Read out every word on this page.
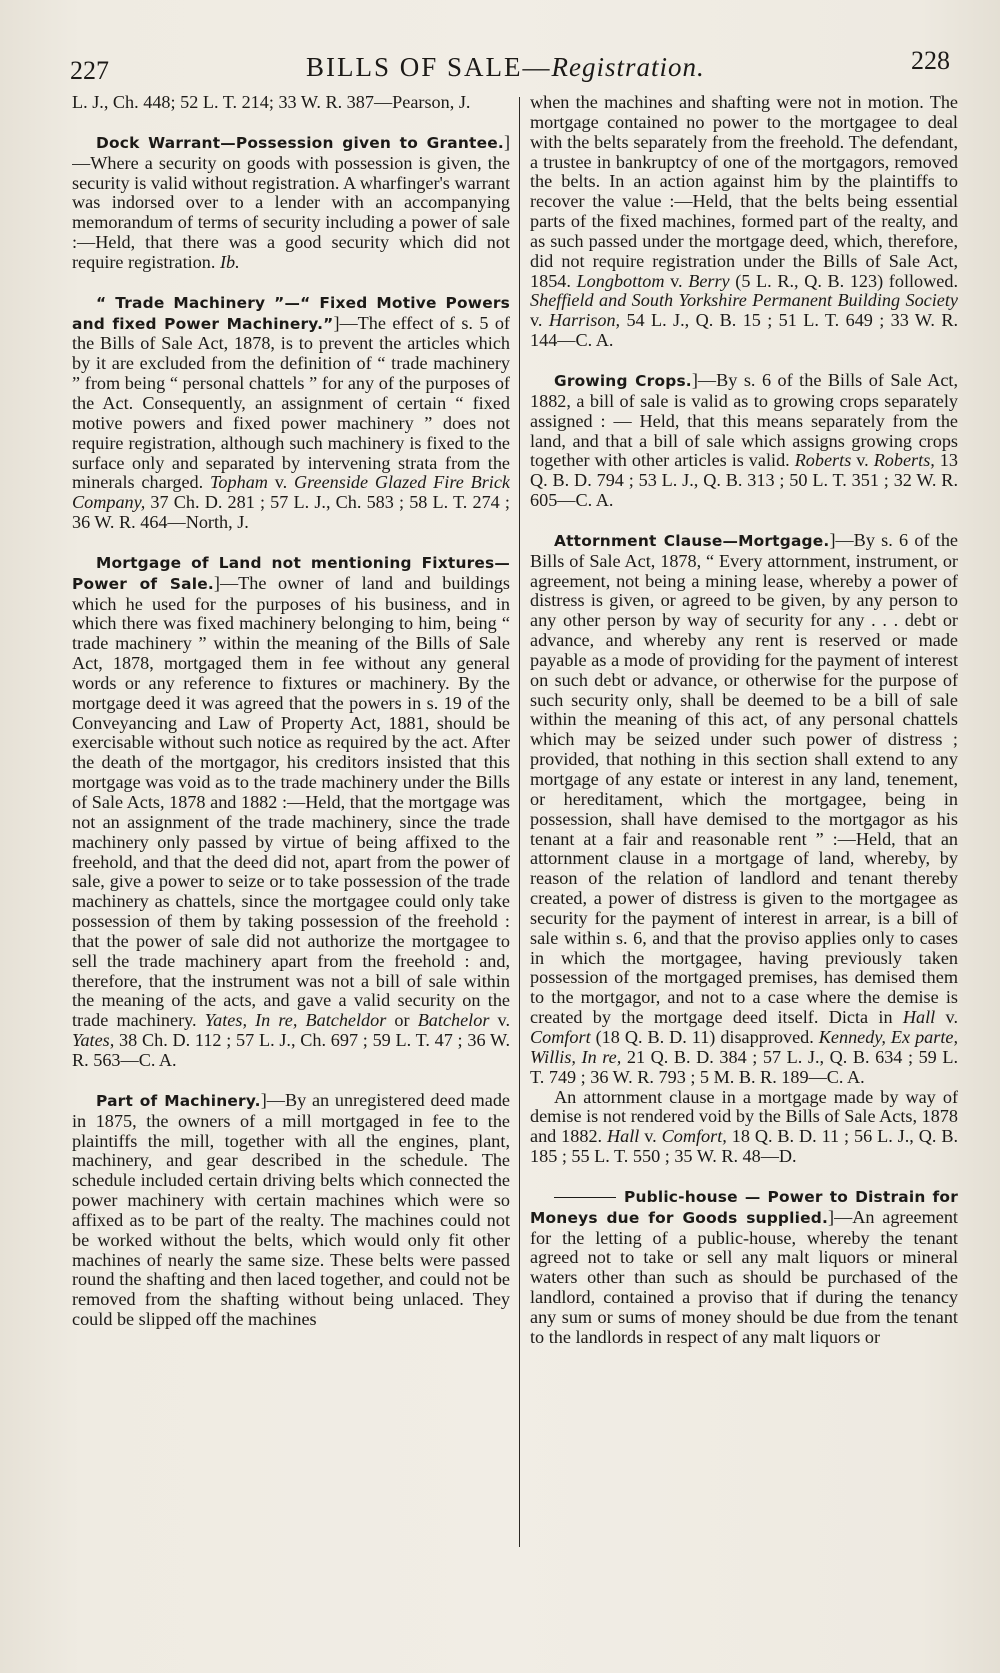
227	BILLS OF SALE—Registration.	228

L. J., Ch. 448; 52 L. T. 214; 33 W. R. 387—Pearson, J.

Dock Warrant—Possession given to Grantee.]—Where a security on goods with possession is given, the security is valid without registration. A wharfinger's warrant was indorsed over to a lender with an accompanying memorandum of terms of security including a power of sale :—Held, that there was a good security which did not require registration. Ib.

“ Trade Machinery ”—“ Fixed Motive Powers and fixed Power Machinery.”]—The effect of s. 5 of the Bills of Sale Act, 1878, is to prevent the articles which by it are excluded from the definition of “ trade machinery ” from being “ personal chattels ” for any of the purposes of the Act. Consequently, an assignment of certain “ fixed motive powers and fixed power machinery ” does not require registration, although such machinery is fixed to the surface only and separated by intervening strata from the minerals charged. Topham v. Greenside Glazed Fire Brick Company, 37 Ch. D. 281 ; 57 L. J., Ch. 583 ; 58 L. T. 274 ; 36 W. R. 464—North, J.

Mortgage of Land not mentioning Fixtures—Power of Sale.]—The owner of land and buildings which he used for the purposes of his business, and in which there was fixed machinery belonging to him, being “ trade machinery ” within the meaning of the Bills of Sale Act, 1878, mortgaged them in fee without any general words or any reference to fixtures or machinery. By the mortgage deed it was agreed that the powers in s. 19 of the Conveyancing and Law of Property Act, 1881, should be exercisable without such notice as required by the act. After the death of the mortgagor, his creditors insisted that this mortgage was void as to the trade machinery under the Bills of Sale Acts, 1878 and 1882 :—Held, that the mortgage was not an assignment of the trade machinery, since the trade machinery only passed by virtue of being affixed to the freehold, and that the deed did not, apart from the power of sale, give a power to seize or to take possession of the trade machinery as chattels, since the mortgagee could only take possession of them by taking possession of the freehold : that the power of sale did not authorize the mortgagee to sell the trade machinery apart from the freehold : and, therefore, that the instrument was not a bill of sale within the meaning of the acts, and gave a valid security on the trade machinery. Yates, In re, Batcheldor or Batchelor v. Yates, 38 Ch. D. 112 ; 57 L. J., Ch. 697 ; 59 L. T. 47 ; 36 W. R. 563—C. A.

Part of Machinery.]—By an unregistered deed made in 1875, the owners of a mill mortgaged in fee to the plaintiffs the mill, together with all the engines, plant, machinery, and gear described in the schedule. The schedule included certain driving belts which connected the power machinery with certain machines which were so affixed as to be part of the realty. The machines could not be worked without the belts, which would only fit other machines of nearly the same size. These belts were passed round the shafting and then laced together, and could not be removed from the shafting without being unlaced. They could be slipped off the machines

when the machines and shafting were not in motion. The mortgage contained no power to the mortgagee to deal with the belts separately from the freehold. The defendant, a trustee in bankruptcy of one of the mortgagors, removed the belts. In an action against him by the plaintiffs to recover the value :—Held, that the belts being essential parts of the fixed machines, formed part of the realty, and as such passed under the mortgage deed, which, therefore, did not require registration under the Bills of Sale Act, 1854. Longbottom v. Berry (5 L. R., Q. B. 123) followed. Sheffield and South Yorkshire Permanent Building Society v. Harrison, 54 L. J., Q. B. 15 ; 51 L. T. 649 ; 33 W. R. 144—C. A.

Growing Crops.]—By s. 6 of the Bills of Sale Act, 1882, a bill of sale is valid as to growing crops separately assigned : — Held, that this means separately from the land, and that a bill of sale which assigns growing crops together with other articles is valid. Roberts v. Roberts, 13 Q. B. D. 794 ; 53 L. J., Q. B. 313 ; 50 L. T. 351 ; 32 W. R. 605—C. A.

Attornment Clause—Mortgage.]—By s. 6 of the Bills of Sale Act, 1878, “ Every attornment, instrument, or agreement, not being a mining lease, whereby a power of distress is given, or agreed to be given, by any person to any other person by way of security for any . . . debt or advance, and whereby any rent is reserved or made payable as a mode of providing for the payment of interest on such debt or advance, or otherwise for the purpose of such security only, shall be deemed to be a bill of sale within the meaning of this act, of any personal chattels which may be seized under such power of distress ; provided, that nothing in this section shall extend to any mortgage of any estate or interest in any land, tenement, or hereditament, which the mortgagee, being in possession, shall have demised to the mortgagor as his tenant at a fair and reasonable rent ” :—Held, that an attornment clause in a mortgage of land, whereby, by reason of the relation of landlord and tenant thereby created, a power of distress is given to the mortgagee as security for the payment of interest in arrear, is a bill of sale within s. 6, and that the proviso applies only to cases in which the mortgagee, having previously taken possession of the mortgaged premises, has demised them to the mortgagor, and not to a case where the demise is created by the mortgage deed itself. Dicta in Hall v. Comfort (18 Q. B. D. 11) disapproved. Kennedy, Ex parte, Willis, In re, 21 Q. B. D. 384 ; 57 L. J., Q. B. 634 ; 59 L. T. 749 ; 36 W. R. 793 ; 5 M. B. R. 189—C. A.

An attornment clause in a mortgage made by way of demise is not rendered void by the Bills of Sale Acts, 1878 and 1882. Hall v. Comfort, 18 Q. B. D. 11 ; 56 L. J., Q. B. 185 ; 55 L. T. 550 ; 35 W. R. 48—D.

Public-house — Power to Distrain for Moneys due for Goods supplied.]—An agreement for the letting of a public-house, whereby the tenant agreed not to take or sell any malt liquors or mineral waters other than such as should be purchased of the landlord, contained a proviso that if during the tenancy any sum or sums of money should be due from the tenant to the landlords in respect of any malt liquors or
